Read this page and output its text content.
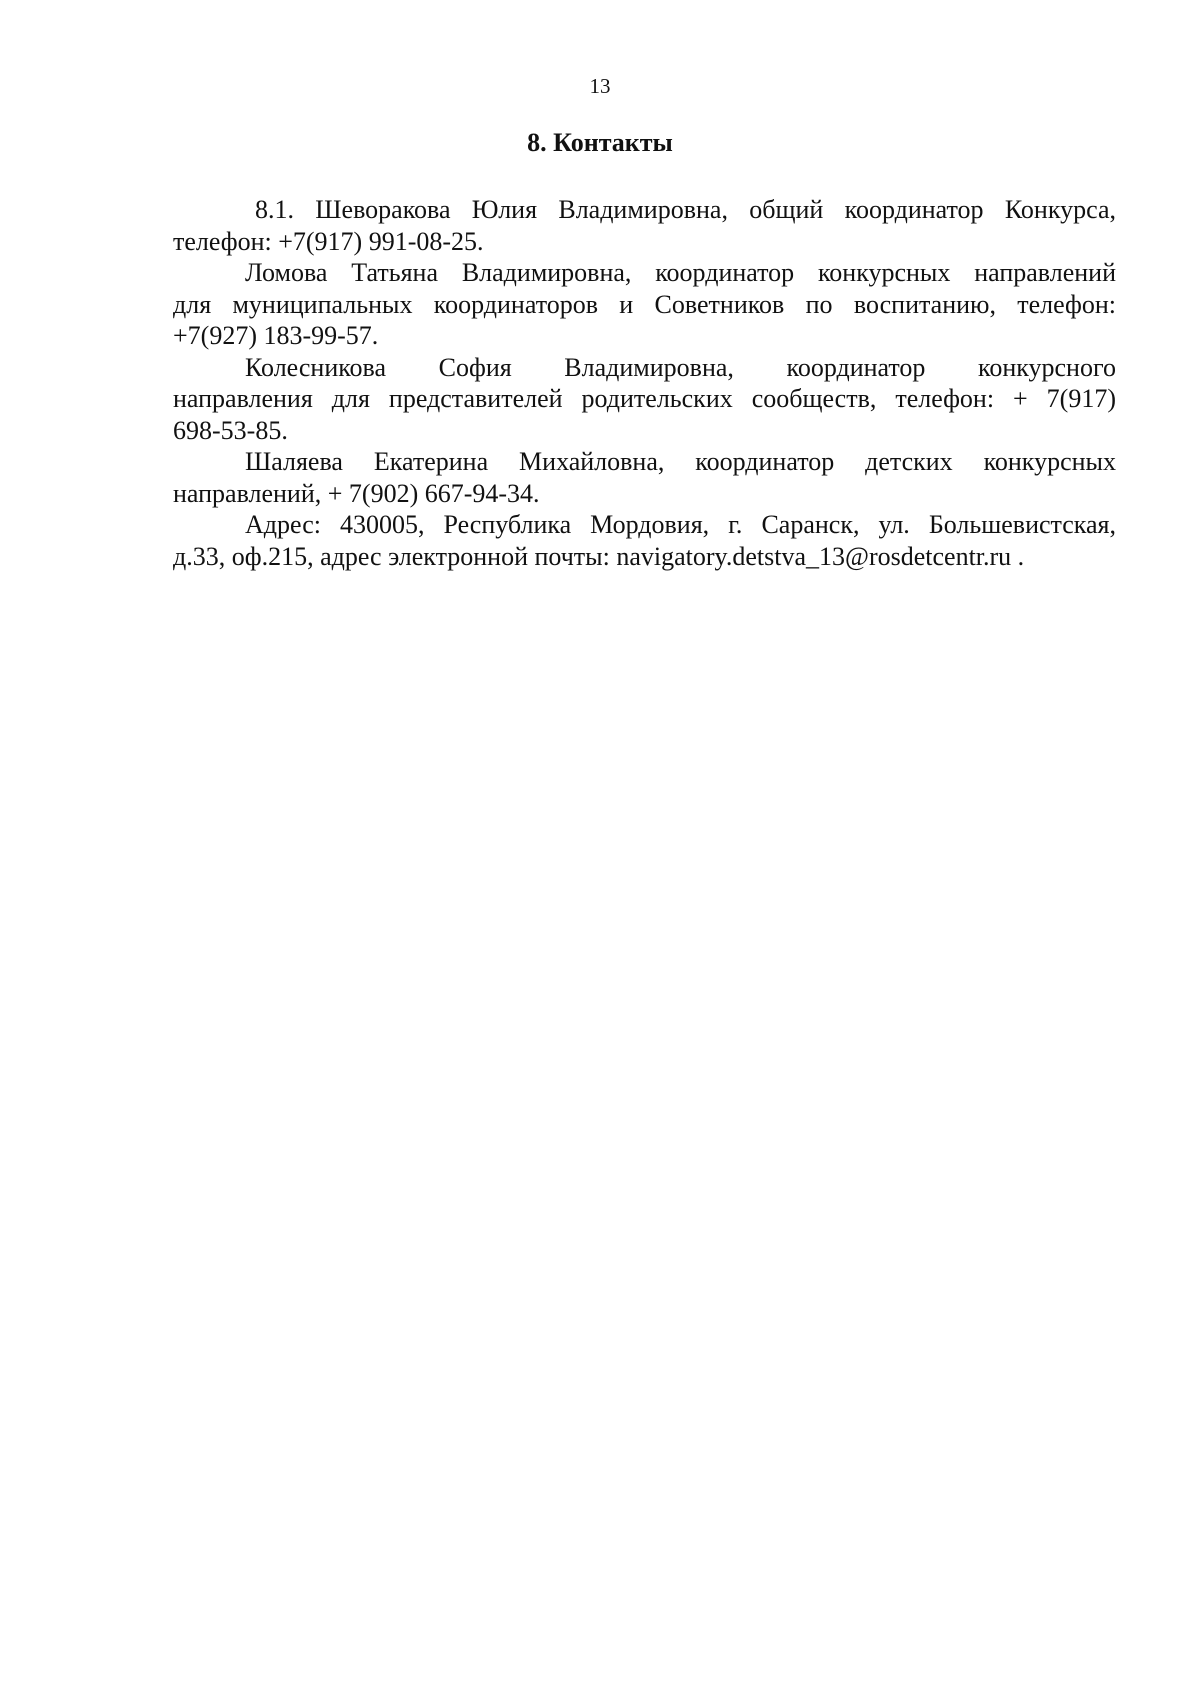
13
8. Контакты
8.1. Шеворакова Юлия Владимировна, общий координатор Конкурса,
телефон: +7(917) 991-08-25.
Ломова Татьяна Владимировна, координатор конкурсных направлений
для муниципальных координаторов и Советников по воспитанию, телефон:
+7(927) 183-99-57.
Колесникова София Владимировна, координатор конкурсного
направления для представителей родительских сообществ, телефон: + 7(917)
698-53-85.
Шаляева Екатерина Михайловна, координатор детских конкурсных
направлений, + 7(902) 667-94-34.
Адрес: 430005, Республика Мордовия, г. Саранск, ул. Большевистская,
д.33, оф.215, адрес электронной почты: navigatory.detstva_13@rosdetcentr.ru .
